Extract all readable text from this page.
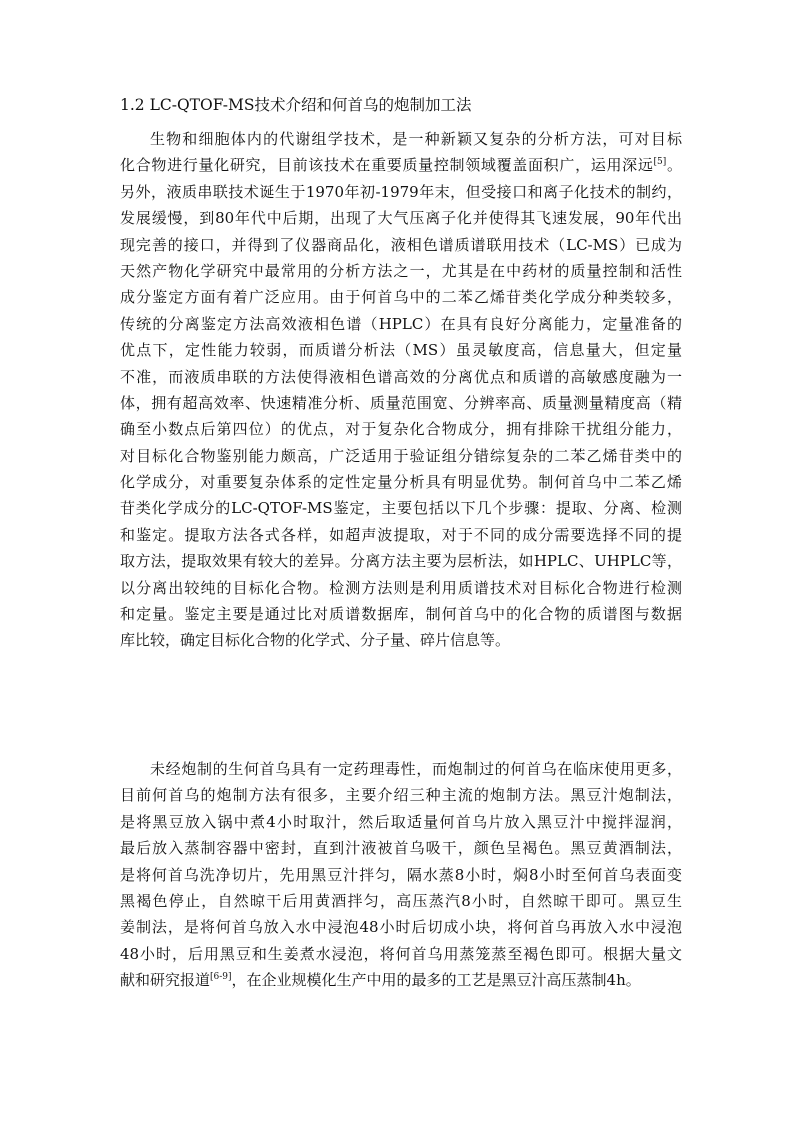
1.2 LC-QTOF-MS技术介绍和何首乌的炮制加工法
生物和细胞体内的代谢组学技术，是一种新颖又复杂的分析方法，可对目标
化合物进行量化研究，目前该技术在重要质量控制领域覆盖面积广，运用深远[5]。
另外，液质串联技术诞生于1970年初-1979年末，但受接口和离子化技术的制约，
发展缓慢，到80年代中后期，出现了大气压离子化并使得其飞速发展，90年代出
现完善的接口，并得到了仪器商品化，液相色谱质谱联用技术（LC-MS）已成为
天然产物化学研究中最常用的分析方法之一，尤其是在中药材的质量控制和活性
成分鉴定方面有着广泛应用。由于何首乌中的二苯乙烯苷类化学成分种类较多，
传统的分离鉴定方法高效液相色谱（HPLC）在具有良好分离能力，定量准备的
优点下，定性能力较弱，而质谱分析法（MS）虽灵敏度高，信息量大，但定量
不准，而液质串联的方法使得液相色谱高效的分离优点和质谱的高敏感度融为一
体，拥有超高效率、快速精准分析、质量范围宽、分辨率高、质量测量精度高（精
确至小数点后第四位）的优点，对于复杂化合物成分，拥有排除干扰组分能力，
对目标化合物鉴别能力颇高，广泛适用于验证组分错综复杂的二苯乙烯苷类中的
化学成分，对重要复杂体系的定性定量分析具有明显优势。制何首乌中二苯乙烯
苷类化学成分的LC-QTOF-MS鉴定，主要包括以下几个步骤：提取、分离、检测
和鉴定。提取方法各式各样，如超声波提取，对于不同的成分需要选择不同的提
取方法，提取效果有较大的差异。分离方法主要为层析法，如HPLC、UHPLC等，
以分离出较纯的目标化合物。检测方法则是利用质谱技术对目标化合物进行检测
和定量。鉴定主要是通过比对质谱数据库，制何首乌中的化合物的质谱图与数据
库比较，确定目标化合物的化学式、分子量、碎片信息等。
未经炮制的生何首乌具有一定药理毒性，而炮制过的何首乌在临床使用更多，
目前何首乌的炮制方法有很多，主要介绍三种主流的炮制方法。黑豆汁炮制法，
是将黑豆放入锅中煮4小时取汁，然后取适量何首乌片放入黑豆汁中搅拌湿润，
最后放入蒸制容器中密封，直到汁液被首乌吸干，颜色呈褐色。黑豆黄酒制法，
是将何首乌洗净切片，先用黑豆汁拌匀，隔水蒸8小时，焖8小时至何首乌表面变
黑褐色停止，自然晾干后用黄酒拌匀，高压蒸汽8小时，自然晾干即可。黑豆生
姜制法，是将何首乌放入水中浸泡48小时后切成小块，将何首乌再放入水中浸泡
48小时，后用黑豆和生姜煮水浸泡，将何首乌用蒸笼蒸至褐色即可。根据大量文
献和研究报道[6-9]，在企业规模化生产中用的最多的工艺是黑豆汁高压蒸制4h。
